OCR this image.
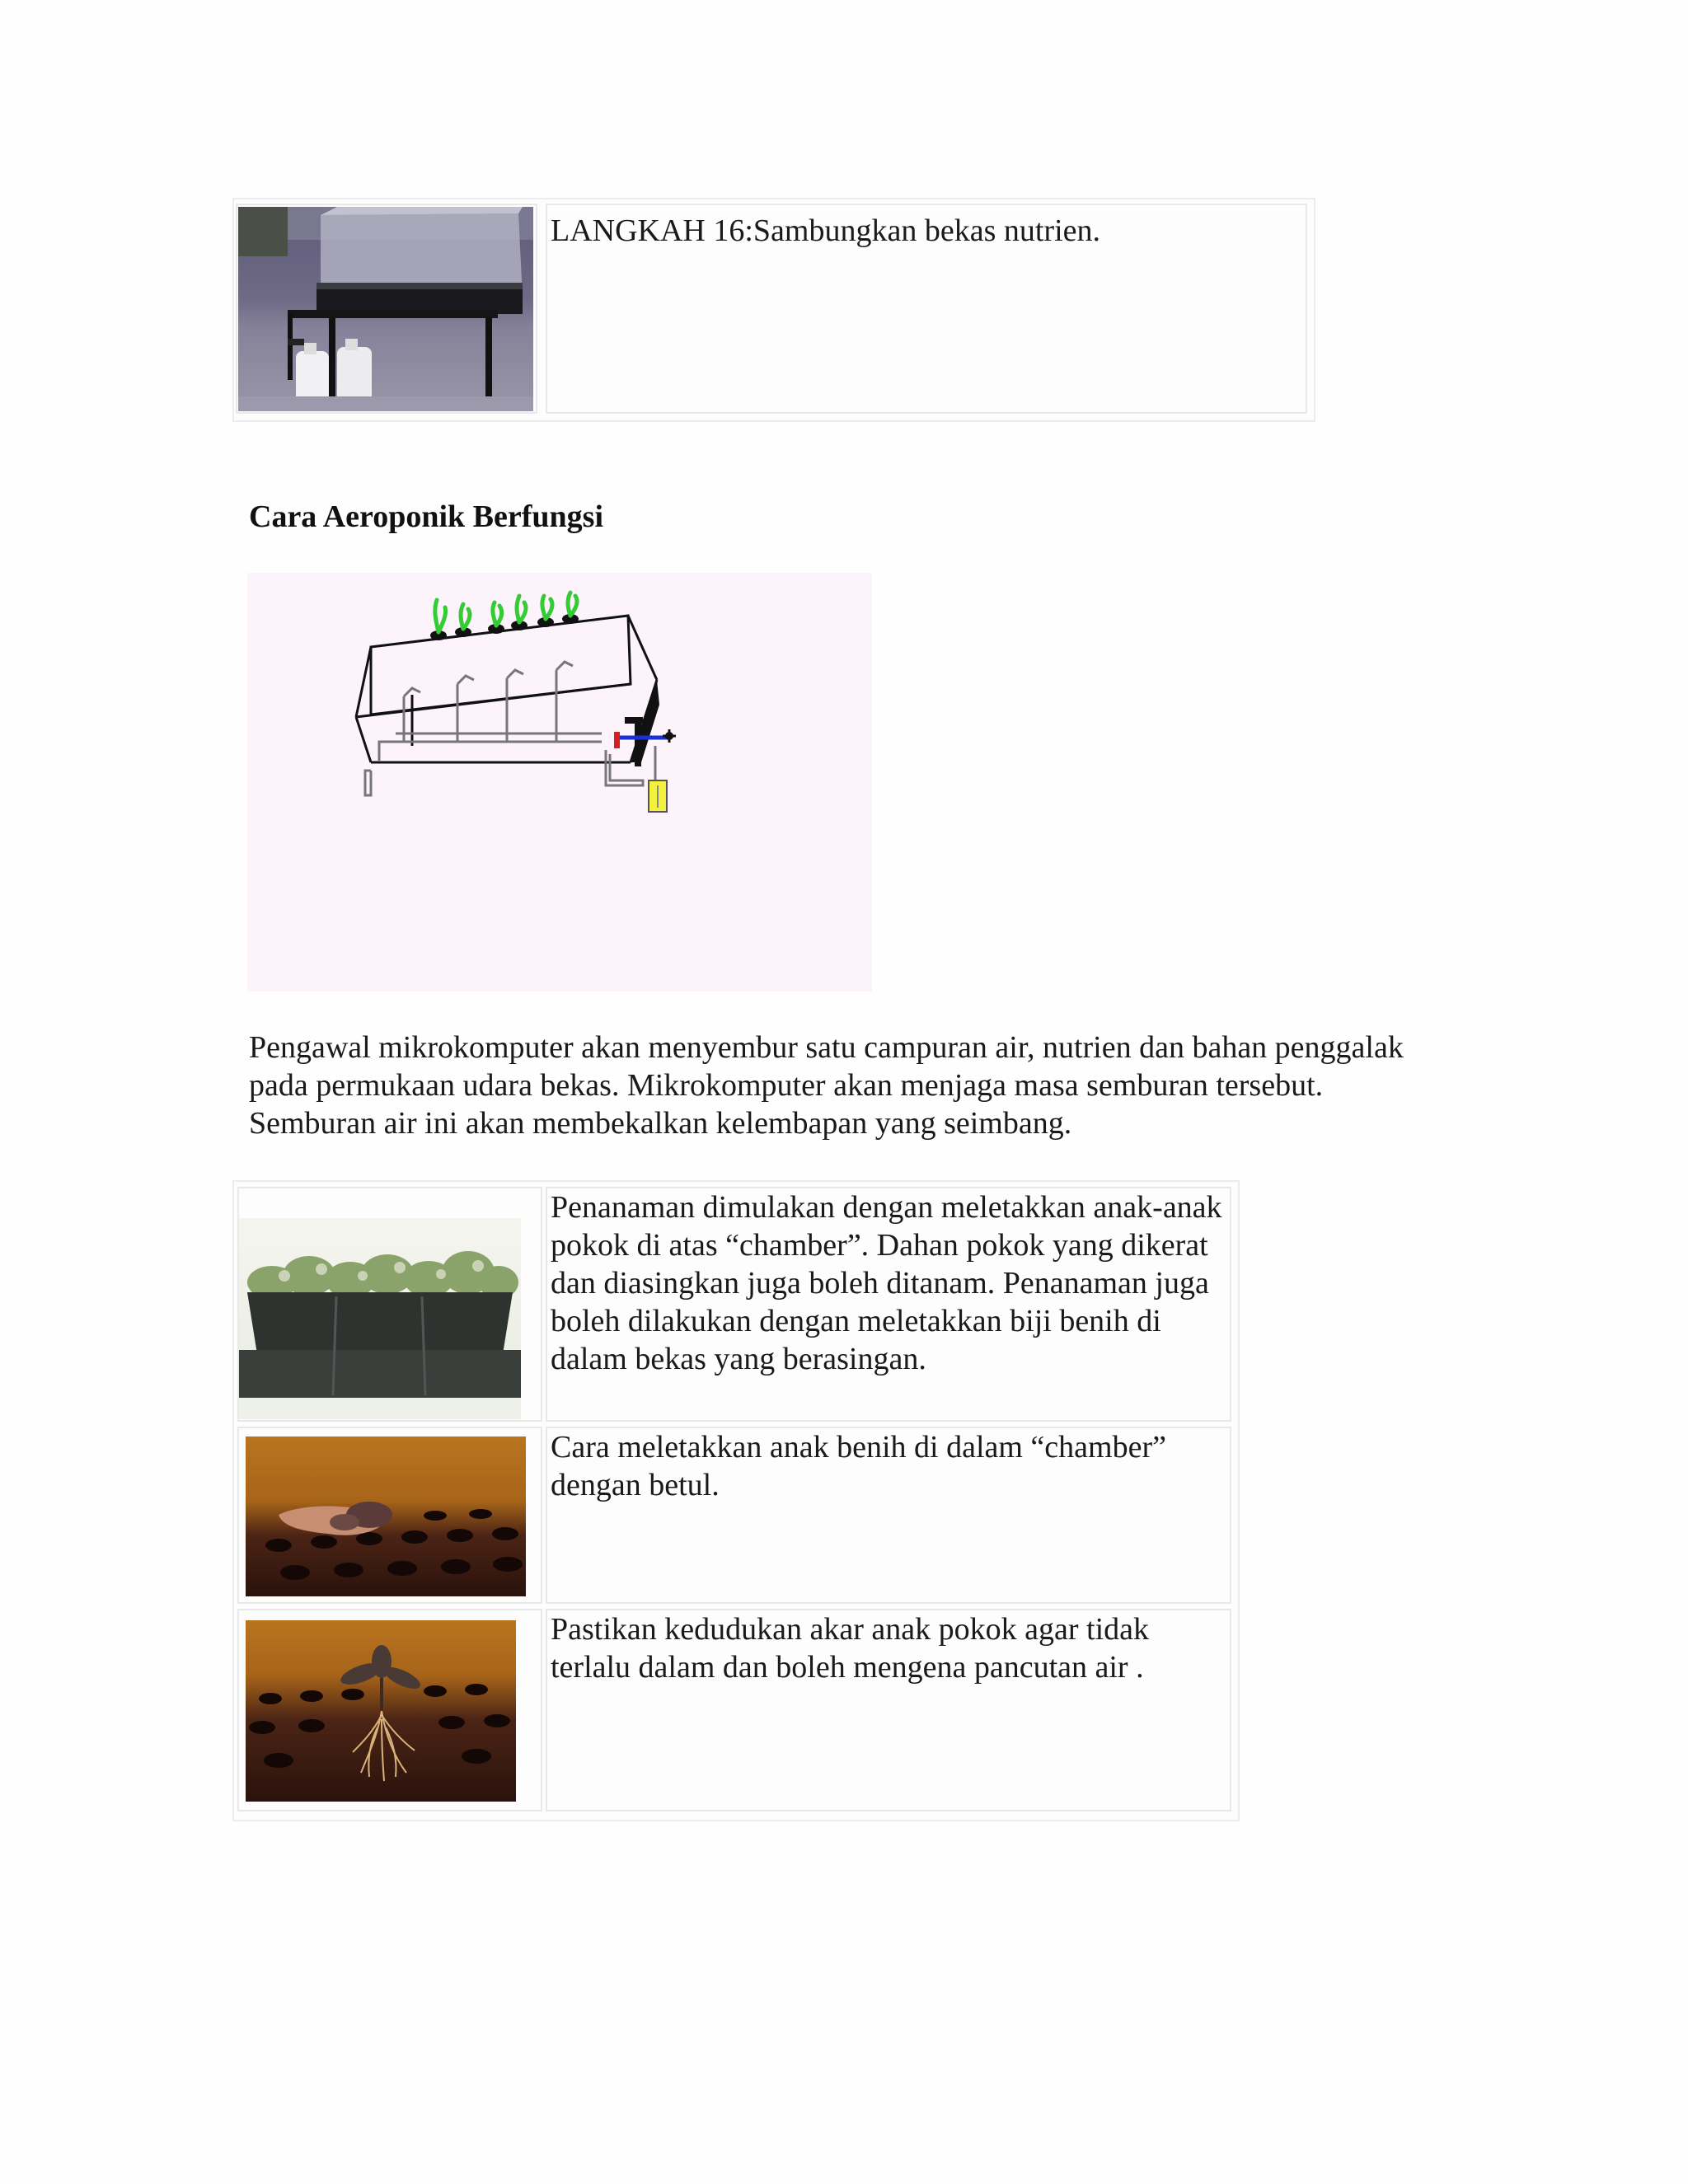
LANGKAH 16:Sambungkan bekas nutrien.
Cara Aeroponik Berfungsi

Pengawal mikrokomputer akan menyembur satu campuran air, nutrien dan bahan penggalak pada permukaan udara bekas. Mikrokomputer akan menjaga masa semburan tersebut. Semburan air ini akan membekalkan kelembapan yang seimbang.

Penanaman dimulakan dengan meletakkan anak-anak pokok di atas “chamber”. Dahan pokok yang dikerat dan diasingkan juga boleh ditanam. Penanaman juga boleh dilakukan dengan meletakkan biji benih di dalam bekas yang berasingan.
Cara meletakkan anak benih di dalam “chamber” dengan betul.
Pastikan kedudukan akar anak pokok agar tidak terlalu dalam dan boleh mengena pancutan air .
